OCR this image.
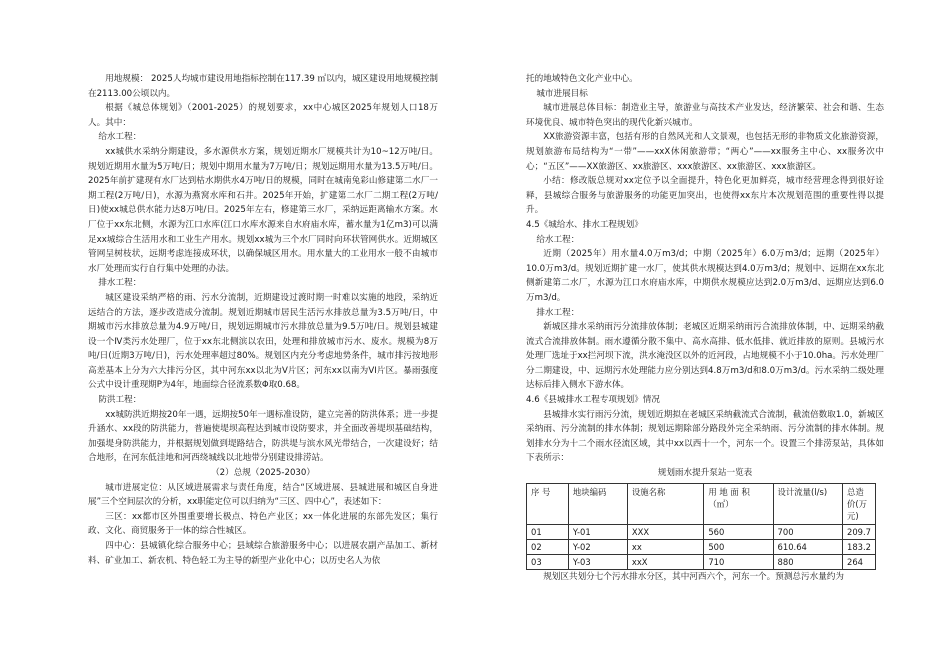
用地规模： 2025人均城市建设用地指标控制在117.39 ㎡以内，城区建设用地规模控制在2113.00公顷以内。

根据《城总体规划》（2001-2025）的规划要求，xx中心城区2025年规划人口18万人。其中：

给水工程：

xx城供水采纳分期建设，多水源供水方案，规划近期水厂规模共计为10~12万吨/日。规划近期用水量为5万吨/日；规划中期用水量为7万吨/日；规划远期用水量为13.5万吨/日。2025年前扩建现有水厂达到枯水期供水4万吨/日的规模，同时在城南兔彩山修建第二水厂一期工程(2万吨/日)，水源为燕窝水库和石井。2025年开始，扩建第二水厂二期工程(2万吨/日)使xx城总供水能力达8万吨/日。2025年左右，修建第三水厂，采纳远距离输水方案。水厂位于xx东北侧，水源为江口水库(江口水库水源来自水府庙水库，蓄水量为1亿m3)可以满足xx城综合生活用水和工业生产用水。规划xx城为三个水厂同时向环状管网供水。近期城区管网呈树枝状，远期考虑连接成环状，以确保城区用水。用水量大的工业用水一般不由城市水厂处理而实行自行集中处理的办法。

排水工程：

城区建设采纳严格的雨、污水分流制，近期建设过渡时期一时难以实施的地段，采纳近远结合的方法，逐步改造成分流制。规划近期城市居民生活污水排放总量为3.5万吨/日，中期城市污水排放总量为4.9万吨/日，规划远期城市污水排放总量为9.5万吨/日。规划县城建设一个Ⅳ类污水处理厂，位于xx东北侧滨以农田，处理和排放城市污水、废水。规模为8万吨/日(近期3万吨/日)，污水处理率超过80%。规划区内充分考虑地势条件，城市排污按地形高差基本上分为六大排污分区，其中河东xx以北为V片区；河东xx以南为VI片区。暴雨强度公式中设计重现期P为4年，地面综合径流系数Φ取0.68。

防洪工程：

xx城防洪近期按20年一遇，远期按50年一遇标准设防，建立完善的防洪体系；进一步提升涵水、xx段的防洪能力，普遍使堤坝高程达到城市设防要求，并全面改善堤坝基础结构，加强堤身防洪能力，并根据规划做到堤路结合，防洪堤与滨水风光带结合，一次建设好；结合地形，在河东低洼地和河西绕城线以北地带分别建设排涝站。

（2）总规（2025-2030）

城市进展定位：从区域进展需求与责任角度，结合“区域进展、县城进展和城区自身进展”三个空间层次的分析，xx职能定位可以归纳为“三区、四中心”，表述如下：

三区：xx都市区外围重要增长极点、特色产业区；xx一体化进展的东部先发区；集行政、文化、商贸服务于一体的综合性城区。

四中心：县城镇化综合服务中心；县域综合旅游服务中心；以进展农副产品加工、新材料、矿业加工、新农机、特色轻工为主导的新型产业化中心；以历史名人为依

托的地域特色文化产业中心。

城市进展目标

城市进展总体目标：制造业主导，旅游业与高技术产业发达，经济繁荣、社会和谐、生态环境优良、城市特色突出的现代化新兴城市。

XX旅游资源丰富，包括有形的自然风光和人文景观，也包括无形的非物质文化旅游资源，规划旅游布局结构为“一带”——xxX休闲旅游带；“两心”——xx服务主中心、xx服务次中心；“五区”——XX旅游区、xx旅游区、xxx旅游区、xx旅游区、xxx旅游区。

小结：修改版总规对xx定位予以全面提升，特色化更加鲜亮，城市经营理念得到很好诠释，县城综合服务与旅游服务的功能更加突出，也使得xx东片本次规划范围的重要性得以提升。

4.5《城给水、排水工程规划》

给水工程：

近期（2025年）用水量4.0万m3/d；中期（2025年）6.0万m3/d；远期（2025年）10.0万m3/d。规划近期扩建一水厂，使其供水规模达到4.0万m3/d；规划中、远期在xx东北侧新建第二水厂，水源为江口水府庙水库，中期供水规模应达到2.0万m3/d、远期应达到6.0万m3/d。

排水工程：

新城区排水采纳雨污分流排放体制；老城区近期采纳雨污合流排放体制，中、远期采纳截流式合流排放体制。雨水遵循分散不集中、高水高排、低水低排、就近排放的原则。县城污水处理厂选址于xx拦河坝下流，洪水淹没区以外的近河段，占地规模不小于10.0ha。污水处理厂分二期建设，中、远期污水处理能力应分别达到4.8万m3/d和8.0万m3/d。污水采纳二级处理达标后排入侧水下游水体。

4.6《县城排水工程专项规划》情况

县城排水实行雨污分流，规划近期拟在老城区采纳截流式合流制，截流倍数取1.0，新城区采纳雨、污分流制的排水体制；规划远期除部分路段外完全采纳雨、污分流制的排水体制。规划排水分为十二个雨水径流区域，其中xx以西十一个，河东一个。设置三个排涝泵站，具体如下表所示：

规划雨水提升泵站一览表

序 号	地块编码	设施名称	用 地 面 积（㎡）	设计流量(l/s)	总造价(万元)
01	Y-01	XXX	560	700	209.7
02	Y-02	xx	500	610.64	183.2
03	Y-03	xxX	710	880	264

规划区共划分七个污水排水分区，其中河西六个，河东一个。预测总污水量约为
